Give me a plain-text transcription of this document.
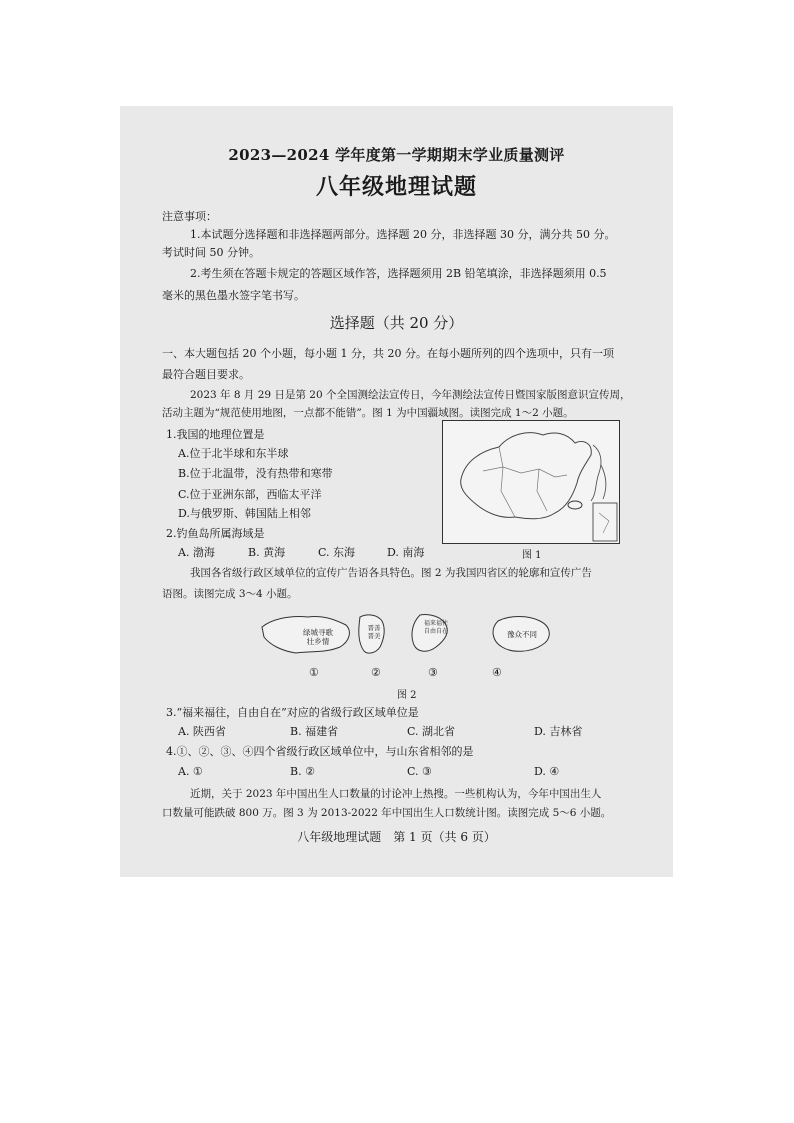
2023—2024 学年度第一学期期末学业质量测评
八年级地理试题
注意事项：
1.本试题分选择题和非选择题两部分。选择题 20 分，非选择题 30 分，满分共 50 分。
考试时间 50 分钟。
2.考生须在答题卡规定的答题区域作答，选择题须用 2B 铅笔填涂，非选择题须用 0.5
毫米的黑色墨水签字笔书写。
选择题（共 20 分）
一、本大题包括 20 个小题，每小题 1 分，共 20 分。在每小题所列的四个选项中，只有一项
最符合题目要求。
2023 年 8 月 29 日是第 20 个全国测绘法宣传日，今年测绘法宣传日暨国家版图意识宣传周，
活动主题为“规范使用地图，一点都不能错”。图 1 为中国疆域图。读图完成 1～2 小题。
1.我国的地理位置是
A.位于北半球和东半球
B.位于北温带，没有热带和寒带
C.位于亚洲东部，西临太平洋
D.与俄罗斯、韩国陆上相邻
2.钓鱼岛所属海域是
A. 渤海	B. 黄海	C. 东海	D. 南海	图 1
我国各省级行政区域单位的宣传广告语各具特色。图 2 为我国四省区的轮廓和宣传广告
语图。读图完成 3～4 小题。
绿城寻歌
壮乡情
晋善
晋美
福来福往
自由自在	豫众不同
①	②	③	④
图 2
3.“福来福往，自由自在”对应的省级行政区域单位是
A. 陕西省	B. 福建省	C. 湖北省	D. 吉林省
4.①、②、③、④四个省级行政区域单位中，与山东省相邻的是
A. ①	B. ②	C. ③	D. ④
近期，关于 2023 年中国出生人口数量的讨论冲上热搜。一些机构认为，今年中国出生人
口数量可能跌破 800 万。图 3 为 2013-2022 年中国出生人口数统计图。读图完成 5～6 小题。
八年级地理试题　第 1 页（共 6 页）
